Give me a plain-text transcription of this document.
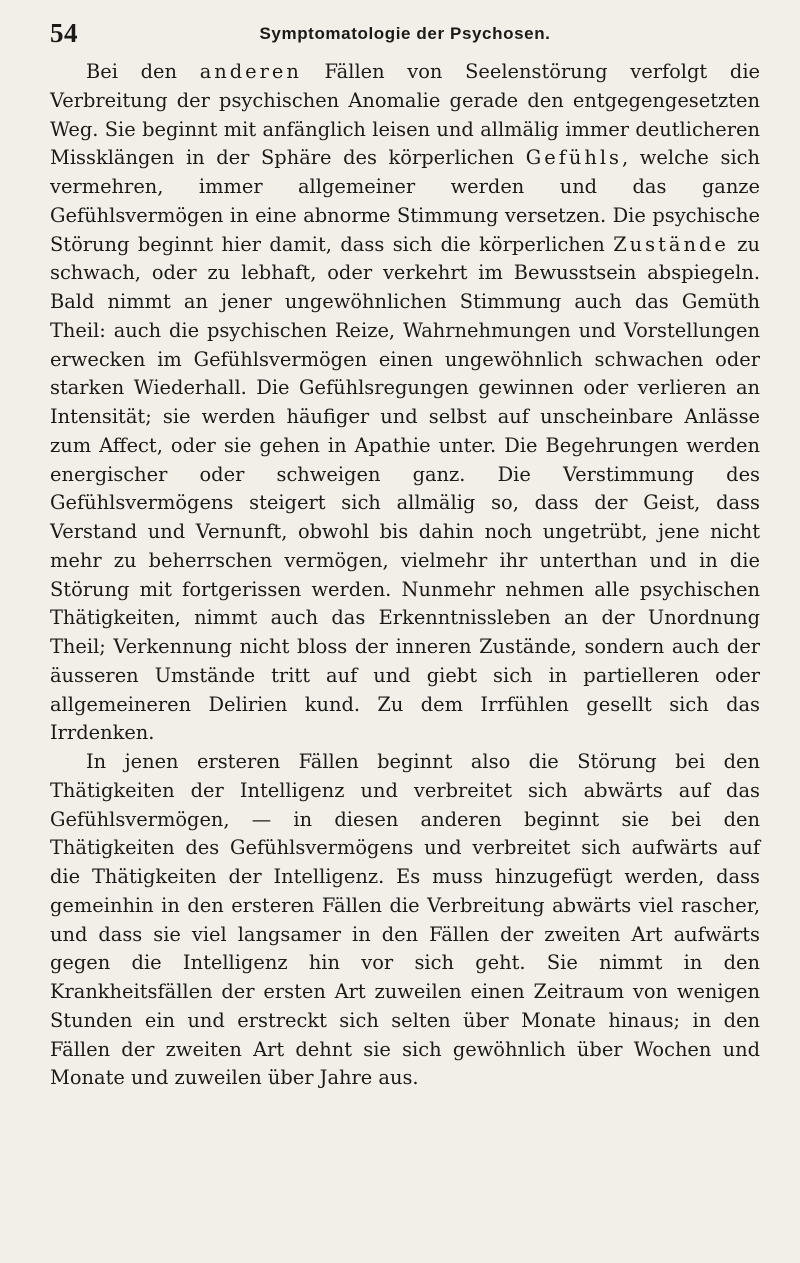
54	Symptomatologie der Psychosen.

Bei den anderen Fällen von Seelenstörung verfolgt die Verbreitung der psychischen Anomalie gerade den entgegengesetzten Weg. Sie beginnt mit anfänglich leisen und allmälig immer deutlicheren Missklängen in der Sphäre des körperlichen Gefühls, welche sich vermehren, immer allgemeiner werden und das ganze Gefühlsvermögen in eine abnorme Stimmung versetzen. Die psychische Störung beginnt hier damit, dass sich die körperlichen Zustände zu schwach, oder zu lebhaft, oder verkehrt im Bewusstsein abspiegeln. Bald nimmt an jener ungewöhnlichen Stimmung auch das Gemüth Theil: auch die psychischen Reize, Wahrnehmungen und Vorstellungen erwecken im Gefühlsvermögen einen ungewöhnlich schwachen oder starken Wiederhall. Die Gefühlsregungen gewinnen oder verlieren an Intensität; sie werden häufiger und selbst auf unscheinbare Anlässe zum Affect, oder sie gehen in Apathie unter. Die Begehrungen werden energischer oder schweigen ganz. Die Verstimmung des Gefühlsvermögens steigert sich allmälig so, dass der Geist, dass Verstand und Vernunft, obwohl bis dahin noch ungetrübt, jene nicht mehr zu beherrschen vermögen, vielmehr ihr unterthan und in die Störung mit fortgerissen werden. Nunmehr nehmen alle psychischen Thätigkeiten, nimmt auch das Erkenntnissleben an der Unordnung Theil; Verkennung nicht bloss der inneren Zustände, sondern auch der äusseren Umstände tritt auf und giebt sich in partielleren oder allgemeineren Delirien kund. Zu dem Irrfühlen gesellt sich das Irrdenken.

In jenen ersteren Fällen beginnt also die Störung bei den Thätigkeiten der Intelligenz und verbreitet sich abwärts auf das Gefühlsvermögen, — in diesen anderen beginnt sie bei den Thätigkeiten des Gefühlsvermögens und verbreitet sich aufwärts auf die Thätigkeiten der Intelligenz. Es muss hinzugefügt werden, dass gemeinhin in den ersteren Fällen die Verbreitung abwärts viel rascher, und dass sie viel langsamer in den Fällen der zweiten Art aufwärts gegen die Intelligenz hin vor sich geht. Sie nimmt in den Krankheitsfällen der ersten Art zuweilen einen Zeitraum von wenigen Stunden ein und erstreckt sich selten über Monate hinaus; in den Fällen der zweiten Art dehnt sie sich gewöhnlich über Wochen und Monate und zuweilen über Jahre aus.
